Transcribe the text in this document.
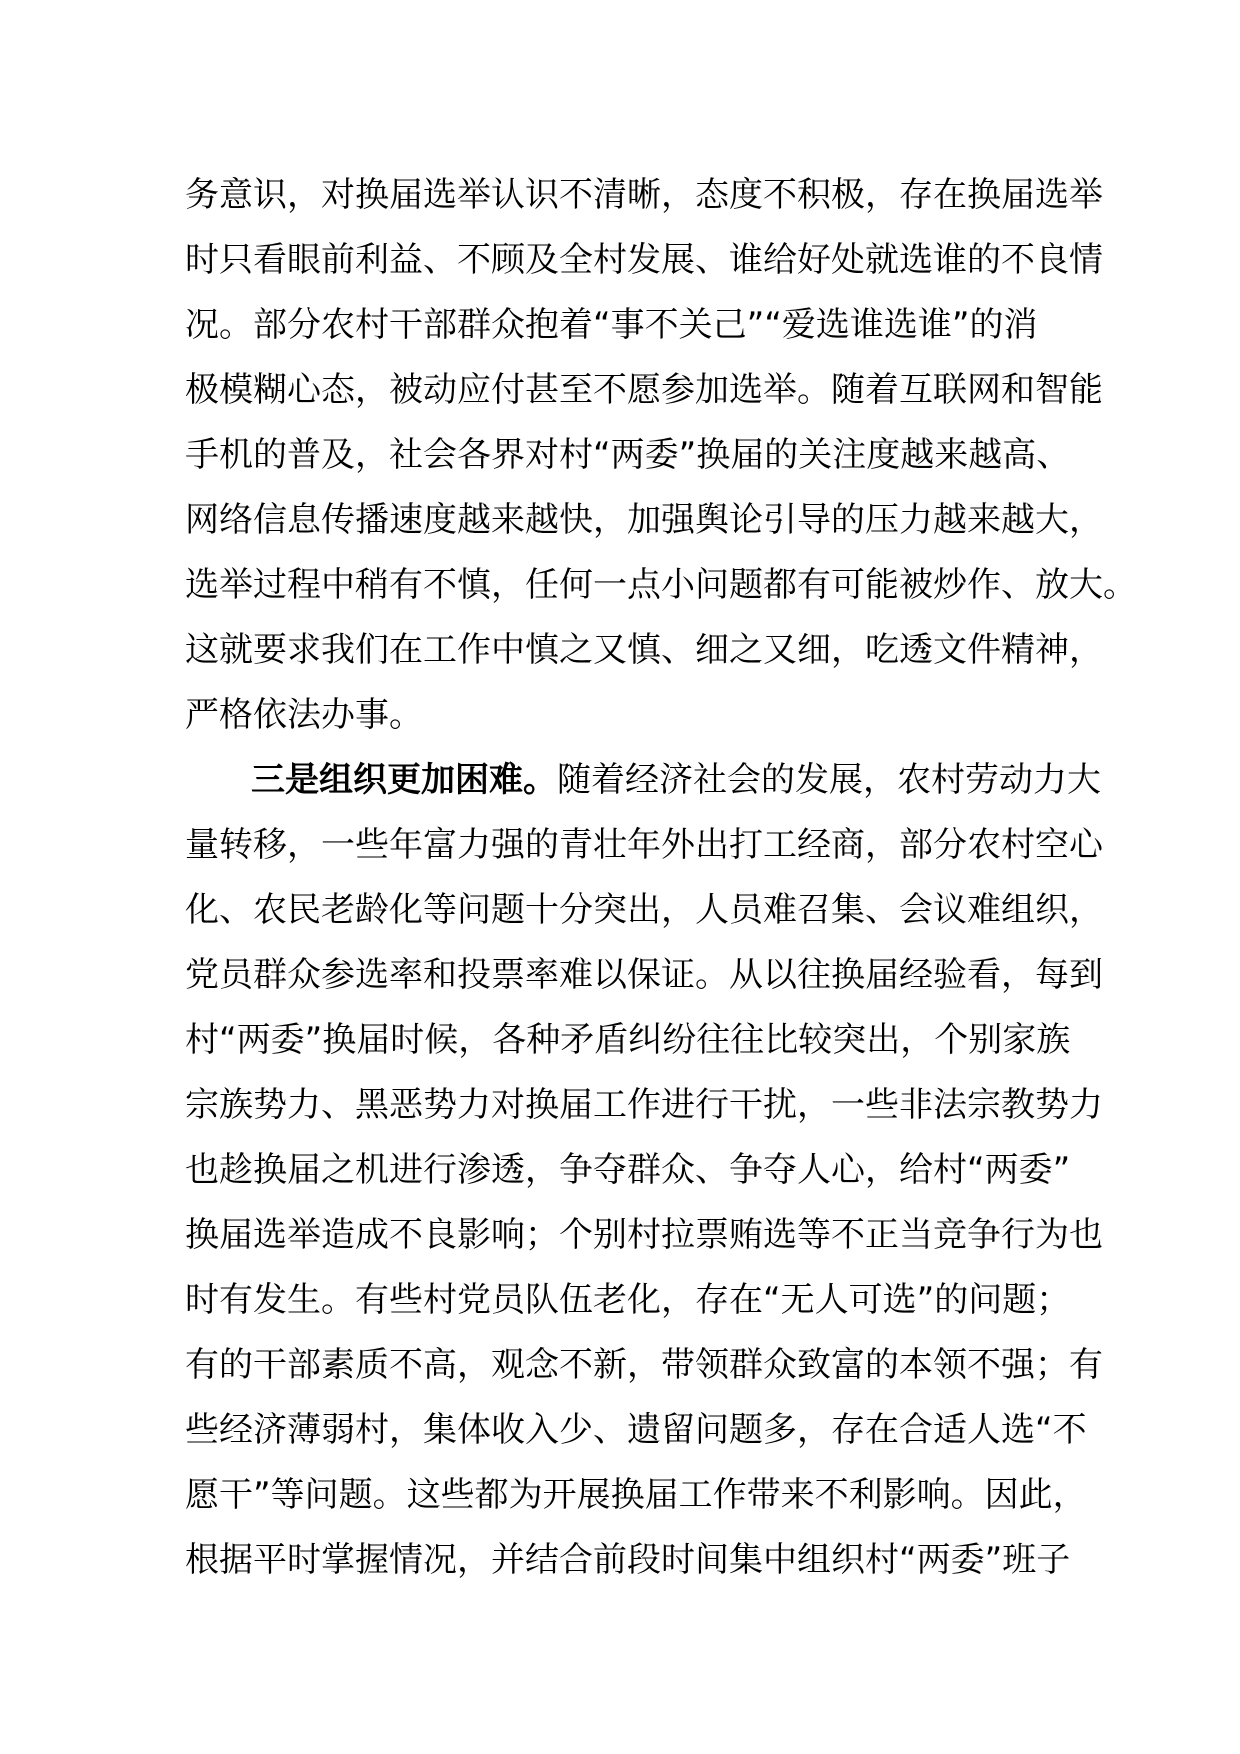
务意识，对换届选举认识不清晰，态度不积极，存在换届选举
时只看眼前利益、不顾及全村发展、谁给好处就选谁的不良情
况。部分农村干部群众抱着“事不关己”“爱选谁选谁”的消
极模糊心态，被动应付甚至不愿参加选举。随着互联网和智能
手机的普及，社会各界对村“两委”换届的关注度越来越高、
网络信息传播速度越来越快，加强舆论引导的压力越来越大，
选举过程中稍有不慎，任何一点小问题都有可能被炒作、放大。
这就要求我们在工作中慎之又慎、细之又细，吃透文件精神，
严格依法办事。
三是组织更加困难。随着经济社会的发展，农村劳动力大
量转移，一些年富力强的青壮年外出打工经商，部分农村空心
化、农民老龄化等问题十分突出，人员难召集、会议难组织，
党员群众参选率和投票率难以保证。从以往换届经验看，每到
村“两委”换届时候，各种矛盾纠纷往往比较突出，个别家族
宗族势力、黑恶势力对换届工作进行干扰，一些非法宗教势力
也趁换届之机进行渗透，争夺群众、争夺人心，给村“两委”
换届选举造成不良影响；个别村拉票贿选等不正当竞争行为也
时有发生。有些村党员队伍老化，存在“无人可选”的问题；
有的干部素质不高，观念不新，带领群众致富的本领不强；有
些经济薄弱村，集体收入少、遗留问题多，存在合适人选“不
愿干”等问题。这些都为开展换届工作带来不利影响。因此，
根据平时掌握情况，并结合前段时间集中组织村“两委”班子
